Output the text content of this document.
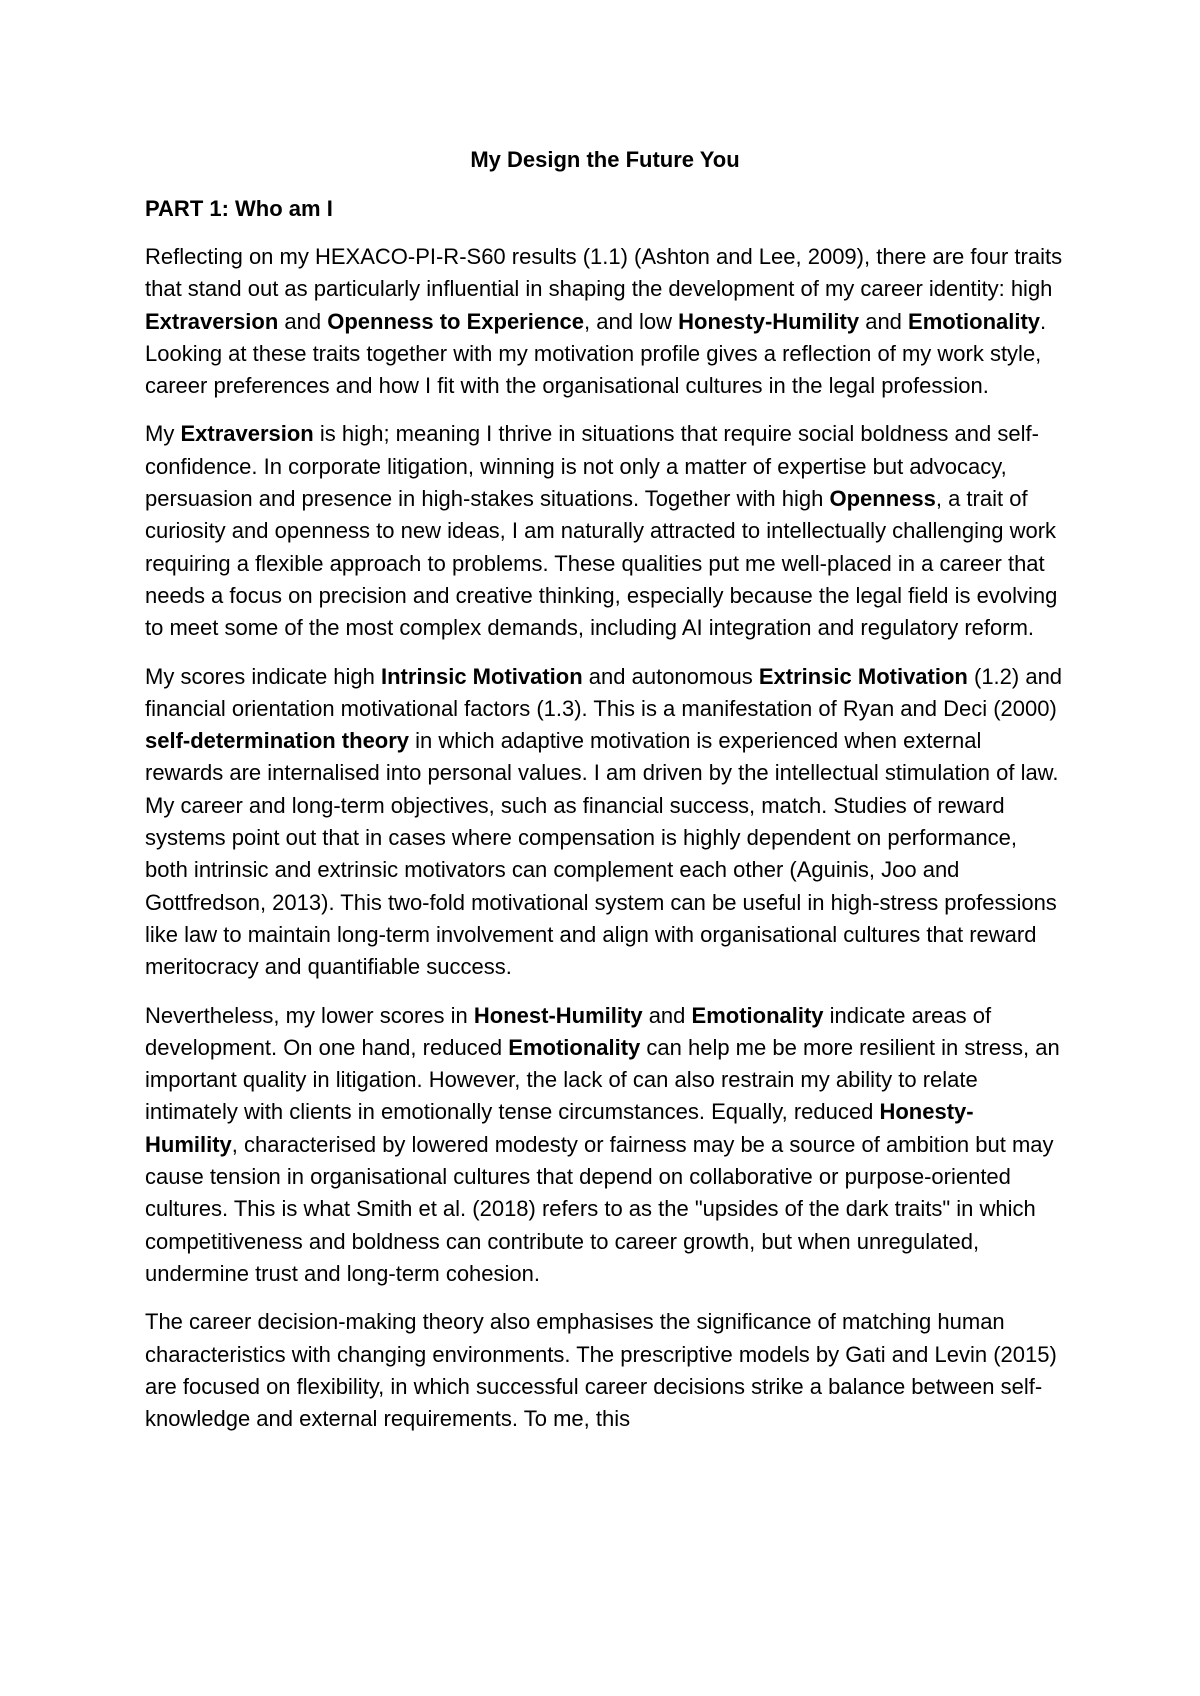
My Design the Future You
PART 1: Who am I

Reflecting on my HEXACO-PI-R-S60 results (1.1) (Ashton and Lee, 2009), there are four traits that stand out as particularly influential in shaping the development of my career identity: high Extraversion and Openness to Experience, and low Honesty-Humility and Emotionality. Looking at these traits together with my motivation profile gives a reflection of my work style, career preferences and how I fit with the organisational cultures in the legal profession.

My Extraversion is high; meaning I thrive in situations that require social boldness and self-confidence. In corporate litigation, winning is not only a matter of expertise but advocacy, persuasion and presence in high-stakes situations. Together with high Openness, a trait of curiosity and openness to new ideas, I am naturally attracted to intellectually challenging work requiring a flexible approach to problems. These qualities put me well-placed in a career that needs a focus on precision and creative thinking, especially because the legal field is evolving to meet some of the most complex demands, including AI integration and regulatory reform.

My scores indicate high Intrinsic Motivation and autonomous Extrinsic Motivation (1.2) and financial orientation motivational factors (1.3). This is a manifestation of Ryan and Deci (2000) self-determination theory in which adaptive motivation is experienced when external rewards are internalised into personal values. I am driven by the intellectual stimulation of law. My career and long-term objectives, such as financial success, match. Studies of reward systems point out that in cases where compensation is highly dependent on performance, both intrinsic and extrinsic motivators can complement each other (Aguinis, Joo and Gottfredson, 2013). This two-fold motivational system can be useful in high-stress professions like law to maintain long-term involvement and align with organisational cultures that reward meritocracy and quantifiable success.

Nevertheless, my lower scores in Honest-Humility and Emotionality indicate areas of development. On one hand, reduced Emotionality can help me be more resilient in stress, an important quality in litigation. However, the lack of can also restrain my ability to relate intimately with clients in emotionally tense circumstances. Equally, reduced Honesty-Humility, characterised by lowered modesty or fairness may be a source of ambition but may cause tension in organisational cultures that depend on collaborative or purpose-oriented cultures. This is what Smith et al. (2018) refers to as the "upsides of the dark traits" in which competitiveness and boldness can contribute to career growth, but when unregulated, undermine trust and long-term cohesion.

The career decision-making theory also emphasises the significance of matching human characteristics with changing environments. The prescriptive models by Gati and Levin (2015) are focused on flexibility, in which successful career decisions strike a balance between self-knowledge and external requirements. To me, this
